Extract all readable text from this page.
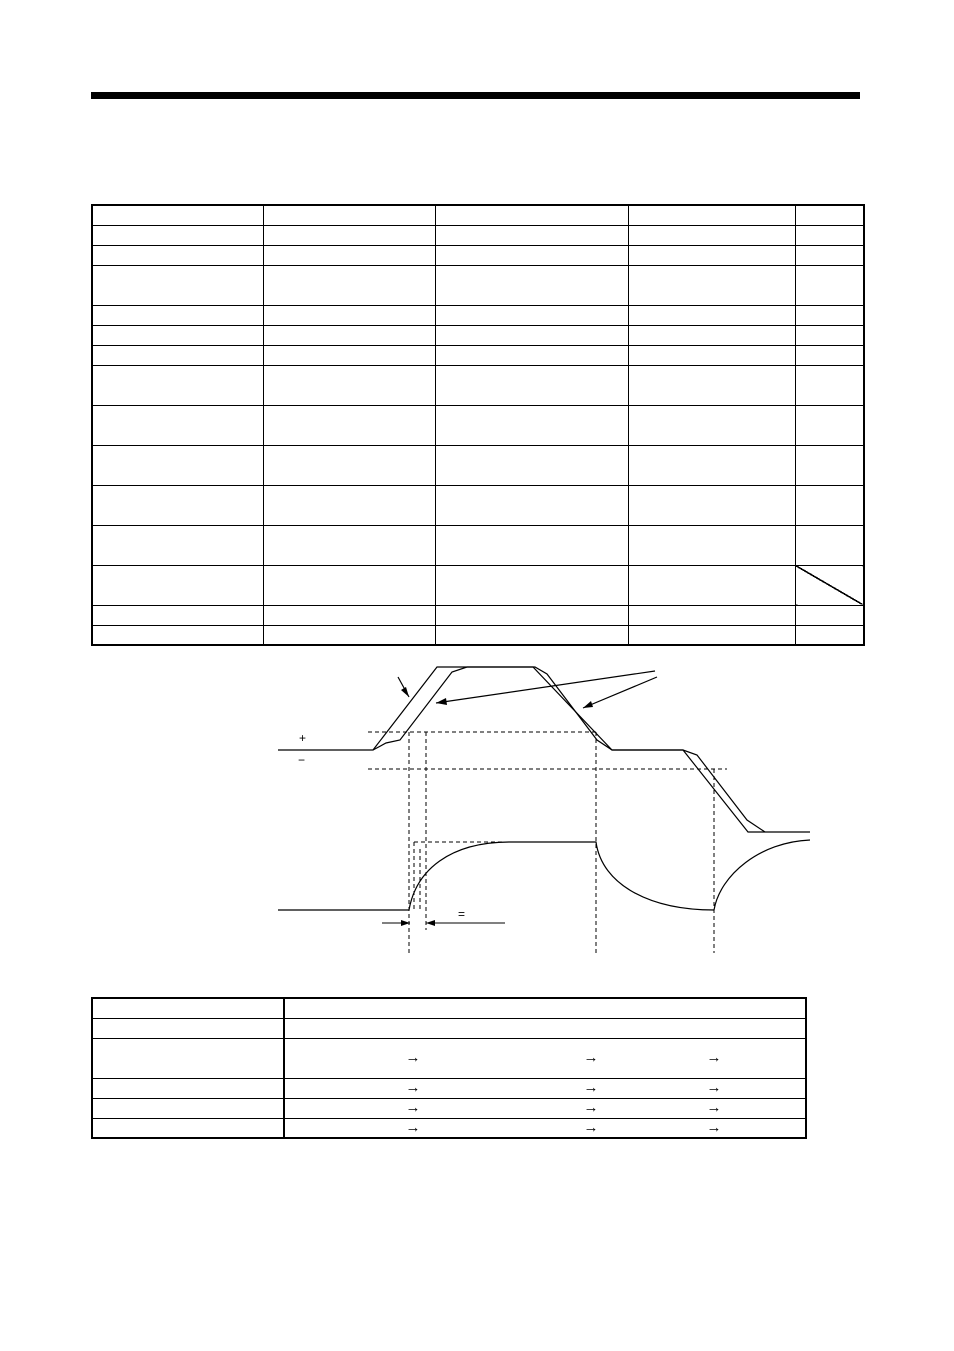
+
−
=

	→ → →

	→ → →

	→ → →

	→ → →
